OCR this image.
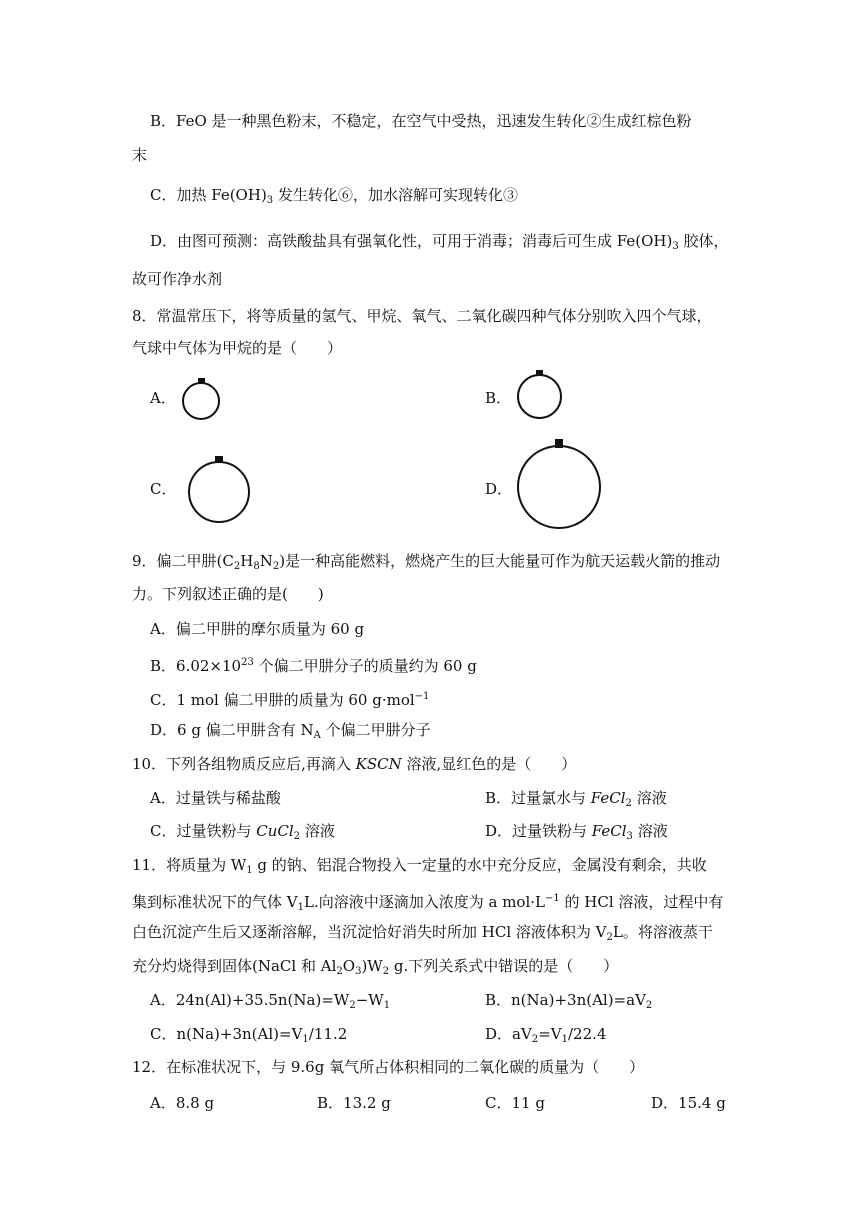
B．FeO 是一种黑色粉末，不稳定，在空气中受热，迅速发生转化②生成红棕色粉
末
C．加热 $Fe(OH)_3$ 发生转化⑥，加水溶解可实现转化③
D．由图可预测：高铁酸盐具有强氧化性，可用于消毒；消毒后可生成 $Fe(OH)_3$ 胶体，
故可作净水剂
8．常温常压下，将等质量的氢气、甲烷、氧气、二氧化碳四种气体分别吹入四个气球，
气球中气体为甲烷的是（　　）
A．	B．
C．	D．
9．偏二甲肼$(C_2H_8N_2)$是一种高能燃料，燃烧产生的巨大能量可作为航天运载火箭的推动
力。下列叙述正确的是(　　)
A．偏二甲肼的摩尔质量为 60 g
B．$6.02\times 10^{23}$ 个偏二甲肼分子的质量约为 60 g
C．1 mol 偏二甲肼的质量为 60 g·mol$^{-1}$
D．6 g 偏二甲肼含有 $N_A$ 个偏二甲肼分子
10．下列各组物质反应后,再滴入 KSCN 溶液,显红色的是（　　）
A．过量铁与稀盐酸	B．过量氯水与 FeCl$_2$ 溶液
C．过量铁粉与 CuCl$_2$ 溶液	D．过量铁粉与 FeCl$_3$ 溶液
11．将质量为 $W_1$ g 的钠、铝混合物投入一定量的水中充分反应，金属没有剩余，共收
集到标准状况下的气体 $V_1L$.向溶液中逐滴加入浓度为 a $mol\cdot L^{-1}$ 的 HCl 溶液，过程中有
白色沉淀产生后又逐渐溶解，当沉淀恰好消失时所加 HCl 溶液体积为 $V_2L$。将溶液蒸干
充分灼烧得到固体(NaCl 和 $Al_2O_3)W_2$ g.下列关系式中错误的是（　　）
A．$24n(Al)+35.5n(Na)=W_2-W_1$	B．$n(Na)+3n(Al)=aV_2$
C．$n(Na)+3n(Al)=V_1/11.2$	D．$aV_2=V_1/22.4$
12．在标准状况下，与 9.6g 氧气所占体积相同的二氧化碳的质量为（　　）
A．8.8 g	B．13.2 g	C．11 g	D．15.4 g
